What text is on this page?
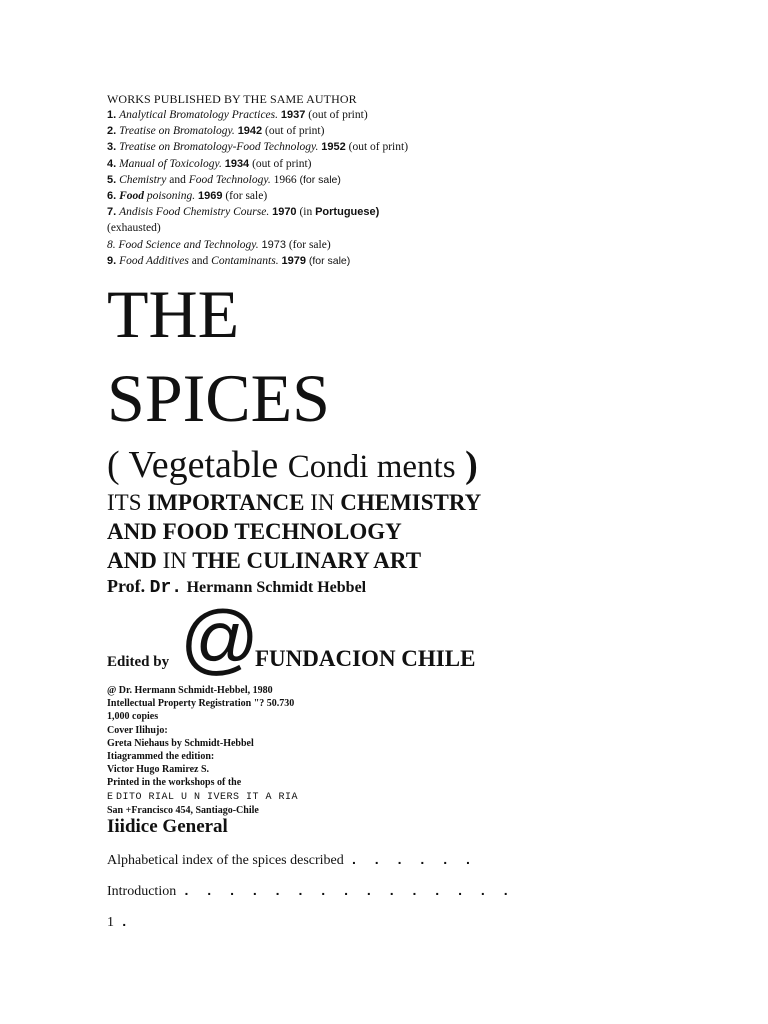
WORKS PUBLISHED BY THE SAME AUTHOR
1. Analytical Bromatology Practices. 1937 (out of print)
2. Treatise on Bromatology. 1942 (out of print)
3. Treatise on Bromatology-Food Technology. 1952 (out of print)
4. Manual of Toxicology. 1934 (out of print)
5. Chemistry and Food Technology. 1966 (for sale)
6. Food poisoning. 1969 (for sale)
7. Andisis Food Chemistry Course. 1970 (in Portuguese)
(exhausted)
8. Food Science and Technology. 1973 (for sale)
9. Food Additives and Contaminants. 1979 (for sale)
THE
SPICES
( Vegetable Condi ments )
ITS IMPORTANCE IN CHEMISTRY
AND FOOD TECHNOLOGY
AND IN THE CULINARY ART
Prof. Dr. Hermann Schmidt Hebbel
Edited by @
FUNDACION CHILE
@ Dr. Hermann Schmidt-Hebbel, 1980
Intellectual Property Registration "? 50.730
1,000 copies
Cover Ilihujo:
Greta Niehaus by Schmidt-Hebbel
Itiagrammed the edition:
Victor Hugo Ramirez S.
Printed in the workshops of the
E DITO RIAL U N IVERS IT A RIA
San +Francisco 454, Santiago-Chile
Iiidice General
Alphabetical index of the spices described . . . . . .
Introduction . . . . . . . . . . . . . . .
1 .
